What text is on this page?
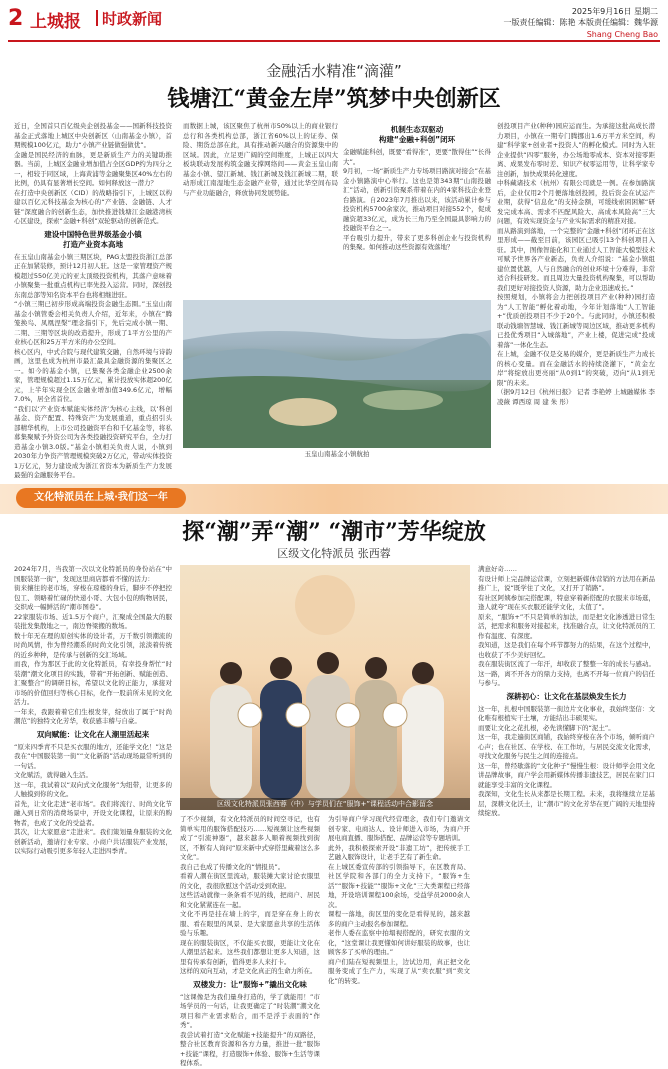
2 上城报 时政新闻	2025年9月16日 星期二
一版责任编辑：陈艳 本版责任编辑：魏华源
Shang Cheng Bao
金融活水精准“滴灌”
钱塘江“黄金左岸”筑梦中央创新区

近日，全国首只百亿级央企创投基金——国新科技投资基金正式落地上城区中央创新区（山南基金小镇），首期规模100亿元，助力“小镇产业链做强做优”。

金融是国民经济的血脉，更是新质生产力的关键助推器。当前，上城区金融业增加值占全区GDP约为四分之一，相较于同区域，上海黄浦等金融聚集区40%左右的比例，仍具有显著增长空间。如何释放这一潜力？

在打造中央创新区（CID）的战略指引下，上城区以构建以百亿元科技基金为核心的“产业链、金融链、人才链”深度融合的创新生态，加快推进钱塘江金融港湾核心区建设，探索“金融+科创”双轮驱动的创新范式。

建设中国特色世界级基金小镇
打造产业资本高地

在玉皇山南基金小镇三期区块，PAG太盟投资浙江总部正在加紧装修，预计12月初人驻。这是一家管理资产规模超过550亿美元的亚太顶级投资机构，其落户意味着小镇聚集一批重点机构已率先投入运营。同时，深创投东南总部等知名资本平台也将相继进驻。

“小镇三期已初步形成高端投资金融生态圈。”玉皇山南基金小镇管委会相关负责人介绍，近年来，小镇在“腾笼换鸟、凤凰涅槃”理念指引下，先后完成小镇一期、二期、三期等区块的改造提升，形成了1平方公里的产业核心区和25万平方米的办公空间。

核心区内，中式合院与现代建筑交融，自然环境与诗韵画，这里也成为杭州市最汇最具金融资源的集聚区之一。如今的基金小镇，已集聚各类金融企业2500余家，管理规模超过1.15万亿元，累计投放实体超200亿元，上半年实现全区金融业增加值349.6亿元，增幅7.0%，居全省首位。

“我们以‘产业资本赋能实体经济’为核心主线，以‘科创基金、资产配置、特殊资产’为发展重道，重点招引头部精华机构，上市公司投融资平台和千亿基金等，将私募集聚赋予外资公司为各类投融投资研究平台，全力打造基金小镇3.0版。”基金小镇相关负责人说，小镇到2030年力争资产管理规模突破2万亿元，带动实体投资1万亿元，努力建设成为浙江省资本为新质生产力发展最强的金融服务平台。

而数据上城，该区聚焦了杭州市50%以上的商业银行总行和各类机构总部，浙江省60%以上的证券、保险、期货总部在此，具有推动新兴融合的资源集中的区域。因此，立足更广阔的空间维度，上城正以四大板块联动发展构筑金融支撑网络间——黄金玉皇山南基金小镇、望江新城、钱江新城及钱江新城二期，联动形成江南湿地生态金融产业带，通过比华空间布局与产业功能融合，释放协同发展势能。

机制生态双驱动
构建“金融+科创”闭环

金融赋能科创，既要“看得准”，更要“散得住”“长得大”。

9月初，一场“新质生产力专场项目路演对接会”在基金小镇路演中心举行。这也是第343期“山南投融汇”活动，创新引资聚系带着在内的4家科技企业登台路演。自2023年7月推出以来，该活动累计参与投资机构5700余家次，推动项目对接552个，促成融资超33亿元，成为长三角乃至全国最具影响力的投融资平台之一。

平台吸引力提升，带来了更多科创企业与投资机构的集聚。如何推动这些资源有效落地？

玉皇山南基金小镇航拍

创投项目产业(种种)园应运而生。为承接这批高成长潜力项目，小镇在一期专门腾挪出1.6万平方米空间，构建“科学家+创业者+投资人”的孵化模式。同时为入驻企业提供“四零”服务，办公场地零成本、资本对接零距离、成果发布零时差、知识产权零运用等，让科学家专注创新，加快成果转化速度。

中科藏诸技术（杭州）有限公司就是一例。在参加路演后，企业仅用2个月便落地创投园，投后资金在试运产业期，获得“信息化”的支持金额，可缓线索困困解“研发完成本高、需求不匹配风险大、高成本风险高”三大问题，有效实现资金与产业实际需求的精准对接。

而从路演到落地，一个完整的“金融+科创”闭环正在这里形成——截至目前，该园区已吸引13个科创项目入驻。其中，图像智能化和工业通过人工智能大模型技术可赋予世界各产业新态，负责人介绍说：“基金小镇组建位置优越，人与自然融合的创业环境十分难得，非常适合科技研发。而且周边大量投资机构聚集，可以帮助我们更好对接投资人资源，助力企业迅速成长。”

按照规划，小镇将会力把创投项目产业(种种)园打造为“人工智能”孵化着动地，今年计划落地“人工智能+”优质创投项目不少于20个。与此同时，小镇还积极联动钱塘智慧城、钱江新城等周边区域，推动更多机构已投优秀项目“入城落地”，产业上楼，促进完成“投成着落”一体化生态。

在上城，金融不仅是交易的媒介，更是新质生产力成长的核心变量。而在金融活水的持续浇灌下，“黄金左岸”将绽放出更亮丽“从0到1”的突破，迈向“从1到无限”的未来。

（据9月12日《杭州日报》 记者 李艳婷 上城融媒体 李凌薇 谭西琼 周 建 朱 彤）

文化特派员在上城·我们这一年
探“潮”弄“潮” “潮市”芳华绽放
区级文化特派员 张西蓉

2024年7月，当我第一次以文化特派员的身份站在“中国服装第一街”，发现这里商店都看不懂的活力：

街来攘往的老市场，穿梭在琼楼的身后，脚步不停把控包工、领略着忙碌的快递小哥、大包小包的购物居民，交织成一幅鲜活的“潮市图卷”。

22家服装市场、近1.5万个商户，汇聚成全国最大的服装批发集散地之一，南边脊梁搬的数场。

数十年无在理的原创实体的设计者，万千数引领潮流的时尚风情，作为曾经潮系的时尚文化引领，浓淡着传统的近乡种种，是传承与创新的交汇场域。

而我，作为那区于此的文化特派员，有幸投身帮忙“时装潮”潮文化项目的实践，带着“开拓创新、赋能创造、汇聚整合”的调研目标，希望以文化的正能力，承接对市场的价值回归等核心目标，化作一股前所未见的文化活力。

一年来，我跟着着它们生根发芽，绽放出了属于“时尚潮范”的独特文化芳华，收获感丰稽与自豪。

双向赋能：让文化在人潮里活起来

“原来四季青不只是买衣服的地方，还能学文化！”这是我在“中国服装第一街”“文化新韵”活动现场最常听到的一句话。

文化赋活，就得融入生活。

这一年，我试着以“双向式文化服务”为纽带，让更多的人触摸到你的文化。

首先，让文化走进“老市场”。我们将流行、时尚文化节融入到日常的消费场景中，开设文化课程，让原来的购物者，也成了文化的受益者。

其次，让大家愿意“走进来”。我们策划量身服装的文化创新活动，邀请行业专家、小商户共话服装产业发展，以实际行动吸引更多年轻人走进四季青。

区级文化特派员张西蓉（中）与学员们在“服饰+”课程活动中合影留念

了不少视频，有文化特派员的时间空寻记，也有简单实用的服饰搭配技巧……短视频让这些视频成了“引流神器”，越来越多人顺着视频找到街区，不断有人询问“原来新中式穿搭里藏着这么多文化”。

我自己也成了传播文化的“情报员”。

看着人潮在街区里流动，服装摊大家讨论衣服里的文化，我很欣慰这个活动受到欢迎。

这些活动就像一条条看不见的线，把商户、居民和文化紧紧连在一起。

文化不再是挂在墙上的字，而是穿在身上的衣服、看在眼里的风景、是大家愿意共享的生活体验与乐趣。

现在的服装街区，不仅能买衣服，更能让文化在人潮里活起来。这些我们都想让更多人知道，这里有传承有创新，值得更多人来打卡。

这样的双向互动，才是文化真正的生命力所在。

双楼发力：让“服饰+”撬出文化味

“这课像是为我们量身打造的，学了就能用！”市场学员的一句话，让我更确定了“时装潮”潮文化项目和产业需求贴合，而不是浮于表面的“作秀”。

我尝试着打造“文化赋能+技能提升”的双路径，整合社区教育资源和各方力量，推进一批“服饰+技能”课程，打造服饰+体验、服饰+生活等课程体系。

为引导商户学习现代经营理念，我们专门邀请文创专家、电商达人、设计师进入市场，为商户开展电商直播、服饰搭配、品牌运营等专题培训。

此外，我积极探索开设“非遗工坊”，把传统手工艺融入服饰设计，让老手艺有了新生命。

在上城区委宣传部的引领指导下，在区教育局、社区学院和各部门的全力支持下，“服饰+生活”“服饰+技能”“服饰+文化”三大类课程已经落地，开设培训课程100余场，受益学员2000余人次。

课程一落地，街区里的变化是看得见的，越来越多的商户主动报名参加课程。

老作人委在监察中拍塌视搭配的，研究衣服的文化，“这堂课让我更懂如何讲好服装的故事，也让顾客多了买单的理由。”

商户们陆在短视频里上，边试边用，真正把文化服务变成了生产力，实现了从“卖衣服”到“卖文化”的转变。

满意好奇……

有设计师上完品牌运营课，立刻把新媒体营销的方法用在新品推广上，说“既学住了文化，又打开了销路”。

有社区阿姨参加完搭配课，特意穿着新搭配的衣服来市场逛，逢人就夸“现在买衣服还能学文化，太值了”。

原来，“服饰+”不只是简单的加法，而是把文化渗透进日常生活，把需求和服务对接起来，找准融合点，让文化特派员的工作有温度、有深度。

我知道，这是我们在每个环节都努力的结果，在这个过程中，也收获了不少美好回忆。

我在服装街区流了一年汗，却收获了整整一年的成长与感动。这一路，离不开各方的鼎力支持，也离不开每一位商户的信任与参与。

深耕初心：让文化在基层焕发生长力

这一年，扎根中国服装第一街边片文化事业，我始终坚信：文化唯有根植实干土壤，方能结出丰硕果实。

而要让文化之花扎根，必先读懂脚下的“泥土”。

这一年，我走遍街区商铺，我始终穿梭在各个市场，倾听商户心声；也在社区、在学校、在工作坊，与居民交流文化需求，寻找文化服务与民生之间的连接点。

这一年，曾经歇落的“文化种子”慢慢生根：设计师学会用文化讲品牌故事，商户学会用新媒体传播非遗技艺，居民在家门口就能享受丰富的文化课程。

我深知，文化生长从来都是长期工程。未来，我将继续立足基层，深耕文化沃土，让“潮市”的文化芳华在更广阔的天地里持续绽放。
